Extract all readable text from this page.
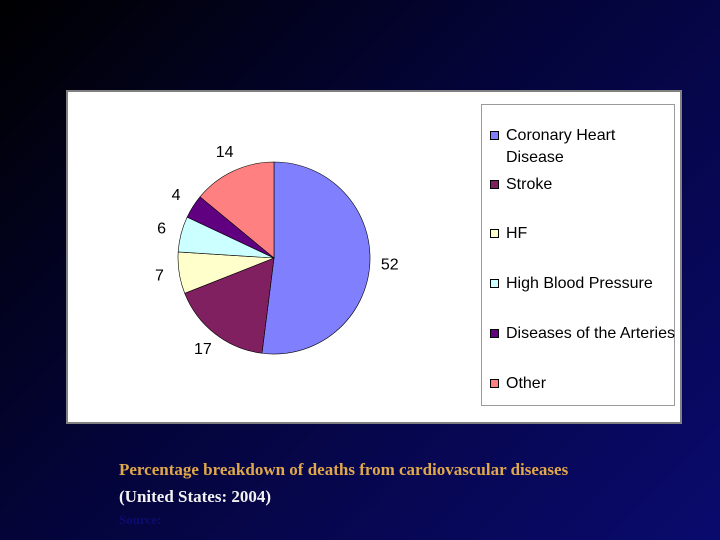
52
17
7
6
4
14
Coronary Heart Disease
Stroke
HF
High Blood Pressure
Diseases of the Arteries
Other
Percentage breakdown of deaths from cardiovascular diseases
(United States: 2004)
Source:
